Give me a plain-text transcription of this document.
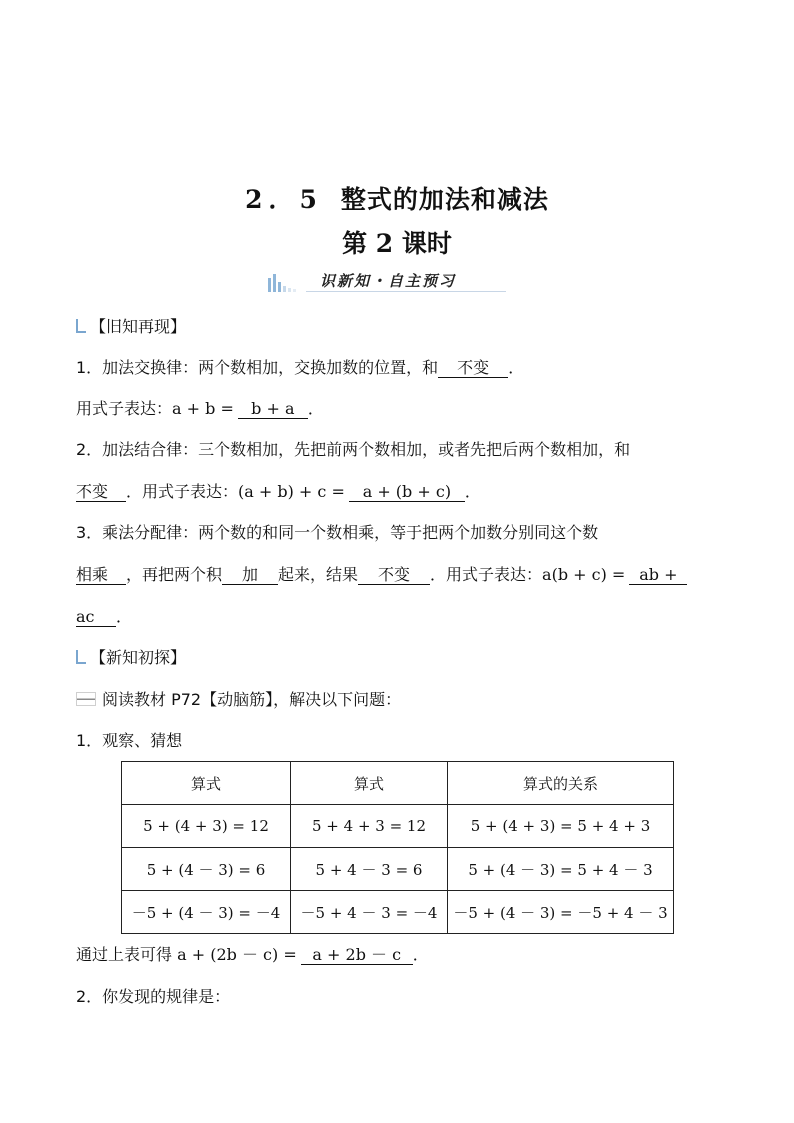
2．5 整式的加法和减法
第 2 课时
识新知・自主预习
【旧知再现】
1．加法交换律：两个数相加，交换加数的位置，和 不变 ．
用式子表达：a + b = b + a ．
2．加法结合律：三个数相加，先把前两个数相加，或者先把后两个数相加，和
不变 ．用式子表达：(a + b) + c = a + (b + c) ．
3．乘法分配律：两个数的和同一个数相乘，等于把两个加数分别同这个数
相乘 ，再把两个积 加 起来，结果 不变 ．用式子表达：a(b + c) = ab +
ac ．
【新知初探】
阅读教材 P72【动脑筋】，解决以下问题：
1．观察、猜想
算式	算式	算式的关系
5 + (4 + 3) = 12	5 + 4 + 3 = 12	5 + (4 + 3) = 5 + 4 + 3
5 + (4 － 3) = 6	5 + 4 － 3 = 6	5 + (4 － 3) = 5 + 4 － 3
－5 + (4 － 3) = －4	－5 + 4 － 3 = －4	－5 + (4 － 3) = －5 + 4 － 3
通过上表可得 a + (2b － c) = a + 2b － c ．
2．你发现的规律是：
